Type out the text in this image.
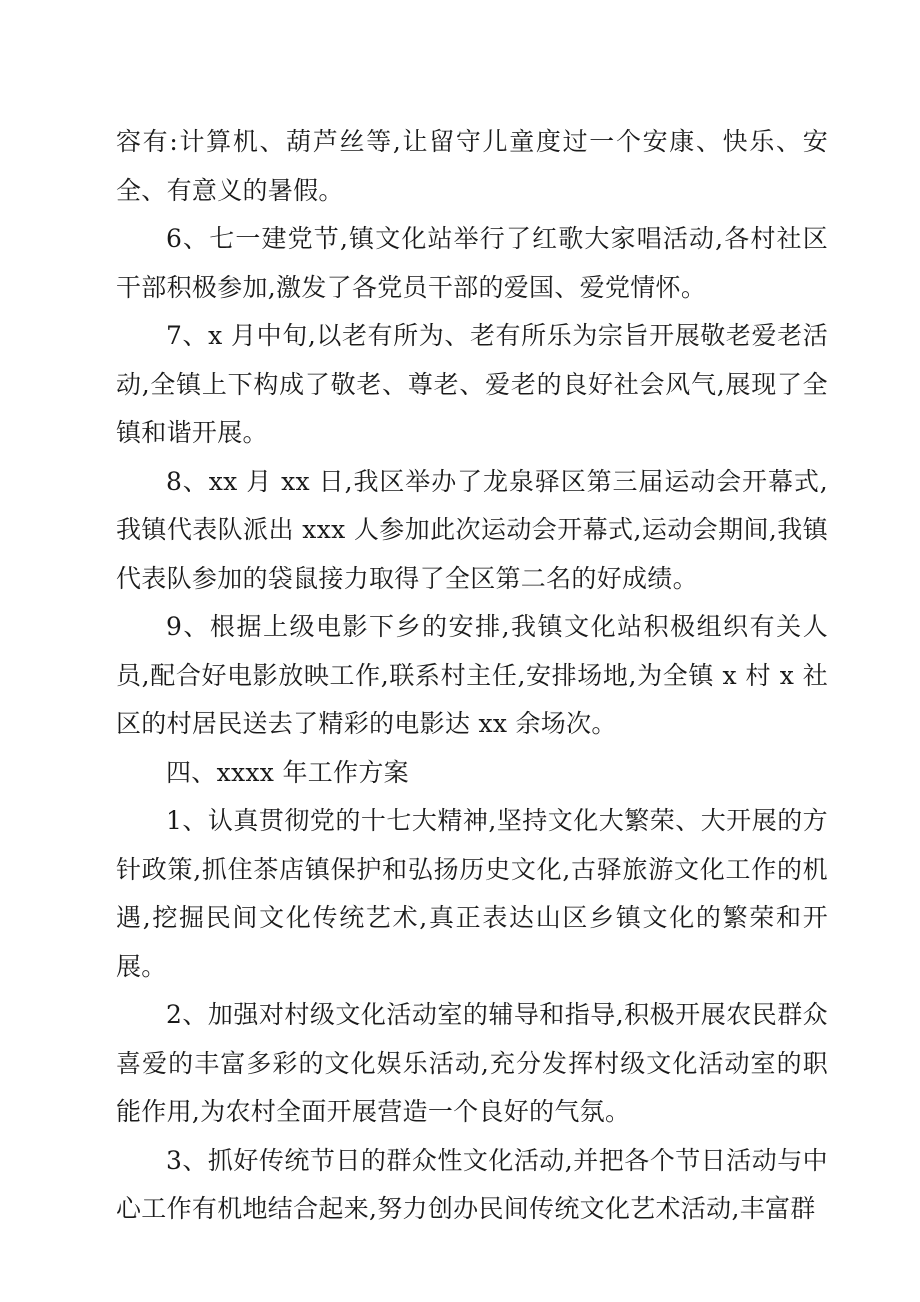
容有:计算机、葫芦丝等,让留守儿童度过一个安康、快乐、安全、有意义的暑假。

6、七一建党节,镇文化站举行了红歌大家唱活动,各村社区干部积极参加,激发了各党员干部的爱国、爱党情怀。

7、x 月中旬,以老有所为、老有所乐为宗旨开展敬老爱老活动,全镇上下构成了敬老、尊老、爱老的良好社会风气,展现了全镇和谐开展。

8、xx 月 xx 日,我区举办了龙泉驿区第三届运动会开幕式,我镇代表队派出 xxx 人参加此次运动会开幕式,运动会期间,我镇代表队参加的袋鼠接力取得了全区第二名的好成绩。

9、根据上级电影下乡的安排,我镇文化站积极组织有关人员,配合好电影放映工作,联系村主任,安排场地,为全镇 x 村 x 社区的村居民送去了精彩的电影达 xx 余场次。

四、xxxx 年工作方案

1、认真贯彻党的十七大精神,坚持文化大繁荣、大开展的方针政策,抓住茶店镇保护和弘扬历史文化,古驿旅游文化工作的机遇,挖掘民间文化传统艺术,真正表达山区乡镇文化的繁荣和开展。

2、加强对村级文化活动室的辅导和指导,积极开展农民群众喜爱的丰富多彩的文化娱乐活动,充分发挥村级文化活动室的职能作用,为农村全面开展营造一个良好的气氛。

3、抓好传统节日的群众性文化活动,并把各个节日活动与中心工作有机地结合起来,努力创办民间传统文化艺术活动,丰富群
